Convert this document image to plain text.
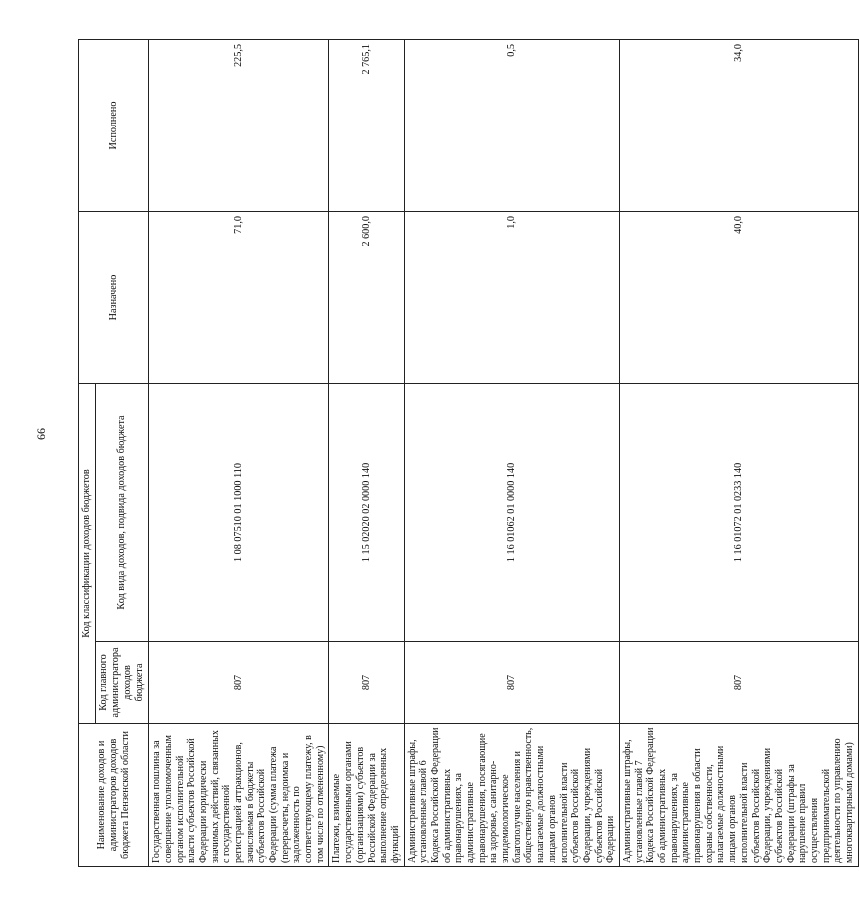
66
Наименование доходов и администраторов доходов бюджета Пензенской области	Код классификации доходов бюджетов		Назначено	Исполнено
	Код главного администратора доходов бюджета	Код вида доходов, подвида доходов бюджета		
Государственная пошлина за совершение уполномоченным органом исполнительной власти субъектов Российской Федерации юридически значимых действий, связанных с государственной регистрацией аттракционов, зачисляемая в бюджеты субъектов Российской Федерации (сумма платежа (перерасчеты, недоимка и задолженность по соответствующему платежу, в том числе по отмененному)	807	1 08 07510 01 1000 110	71,0	225,5
Платежи, взимаемые государственными органами (организациями) субъектов Российской Федерации за выполнение определенных функций	807	1 15 02020 02 0000 140	2 600,0	2 765,1
Административные штрафы, установленные главой 6 Кодекса Российской Федерации об административных правонарушениях, за административные правонарушения, посягающие на здоровье, санитарно-эпидемиологическое благополучие населения и общественную нравственность, налагаемые должностными лицами органов исполнительной власти субъектов Российской Федерации, учреждениями субъектов Российской Федерации	807	1 16 01062 01 0000 140	1,0	0,5
Административные штрафы, установленные главой 7 Кодекса Российской Федерации об административных правонарушениях, за административные правонарушения в области охраны собственности, налагаемые должностными лицами органов исполнительной власти субъектов Российской Федерации, учреждениями субъектов Российской Федерации (штрафы за нарушение правил осуществления предпринимательской деятельности по управлению многоквартирными домами)	807	1 16 01072 01 0233 140	40,0	34,0
